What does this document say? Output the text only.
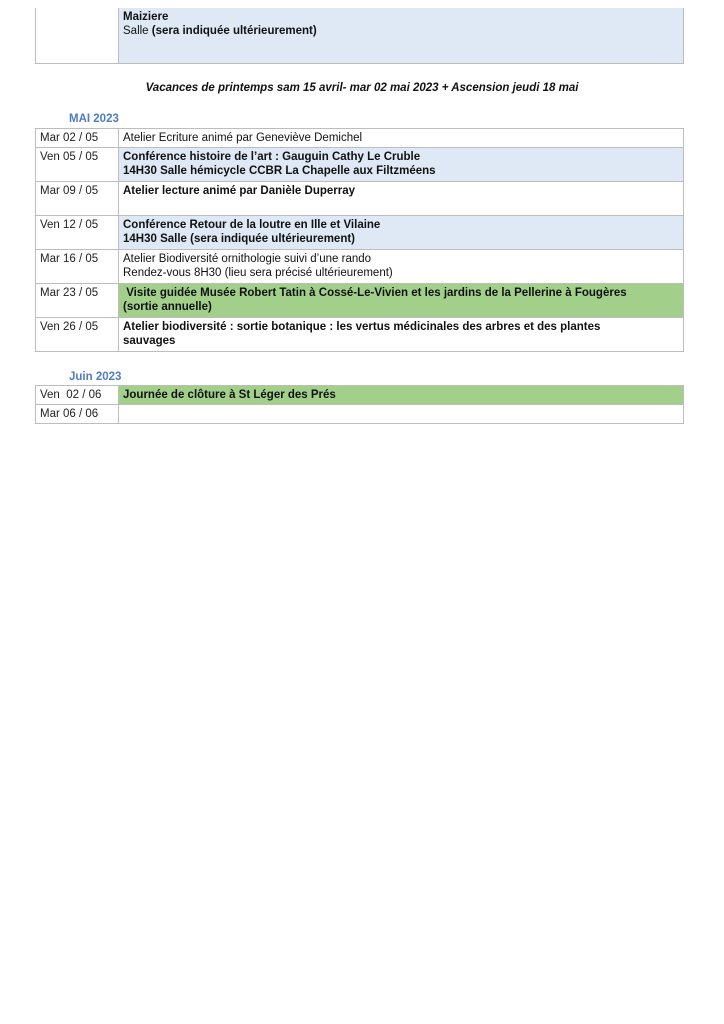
Maiziere
Salle (sera indiquée ultérieurement)
Vacances de printemps sam 15 avril- mar 02 mai 2023 + Ascension jeudi 18 mai
MAI 2023
Mar 02 / 05	Atelier Ecriture animé par Geneviève Demichel

Ven 05 / 05	Conférence histoire de l’art : Gauguin Cathy Le Cruble
14H30 Salle hémicycle CCBR La Chapelle aux Filtzméens

Mar 09 / 05	Atelier lecture animé par Danièle Duperray

Ven 12 / 05	Conférence Retour de la loutre en Ille et Vilaine
14H30 Salle (sera indiquée ultérieurement)

Mar 16 / 05	Atelier Biodiversité ornithologie suivi d’une rando
Rendez-vous 8H30 (lieu sera précisé ultérieurement)

Mar 23 / 05	Visite guidée Musée Robert Tatin à Cossé-Le-Vivien et les jardins de la Pellerine à Fougères
(sortie annuelle)

Ven 26 / 05	Atelier biodiversité : sortie botanique : les vertus médicinales des arbres et des plantes
sauvages
Juin 2023
Ven  02 / 06	Journée de clôture à St Léger des Prés

Mar 06 / 06	
